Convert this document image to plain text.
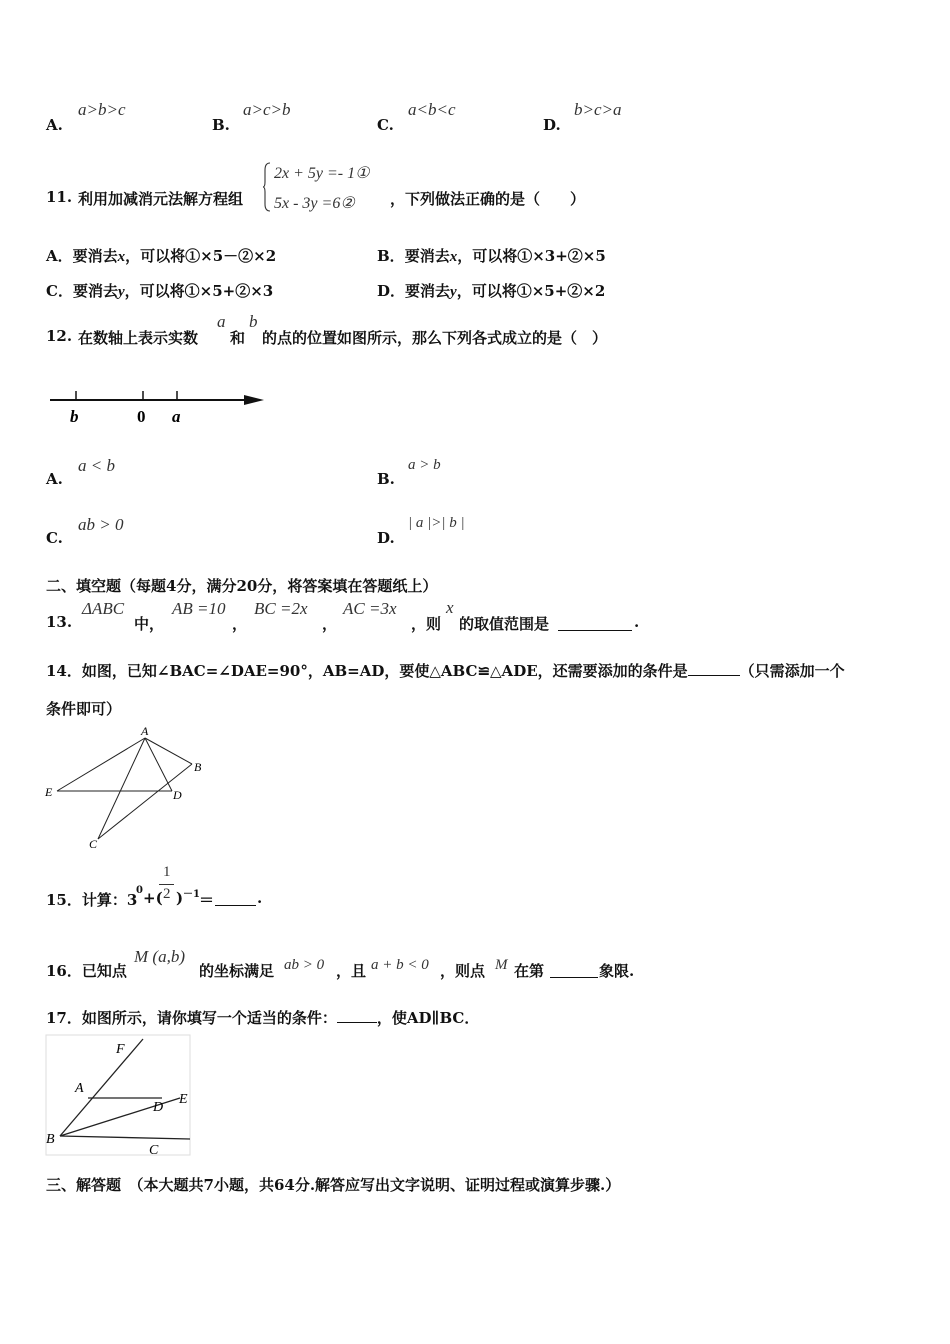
A.
a>b>c
B.
a>c>b
C.
a<b<c
D.
b>c>a
11. 利用加减消元法解方程组
2x + 5y =- 1①
5x - 3y =6② ，下列做法正确的是（　　）
A．要消去x，可以将①×5－②×2	B．要消去x，可以将①×3+②×5
C．要消去y，可以将①×5+②×3	D．要消去y，可以将①×5+②×2
12. 在数轴上表示实数
a
和
b
的点的位置如图所示，那么下列各式成立的是（　）
b	0 a
A.
a < b
B.
a > b
C.
ab > 0
D.
| a |>| b |
二、填空题（每题4分，满分20分，将答案填在答题纸上）
13.
ΔABC
中，
AB =10
，
BC =2x
，
AC =3x
，则
x
的取值范围是	.
14．如图，已知∠BAC=∠DAE=90°，AB=AD，要使△ABC≌△ADE，还需要添加的条件是	（只需添加一个
条件即可）
A
B
D
E
C
15．计算：3
0 +(
1
2 ) －1 ＝	.
16．已知点
M (a,b)
的坐标满足 ab > 0 ，且 a + b < 0 ，则点 M 在第	象限.
17．如图所示，请你填写一个适当的条件：	，使AD∥BC．
F
A
D
E
B
C
三、解答题　（本大题共7小题，共64分.解答应写出文字说明、证明过程或演算步骤.）
